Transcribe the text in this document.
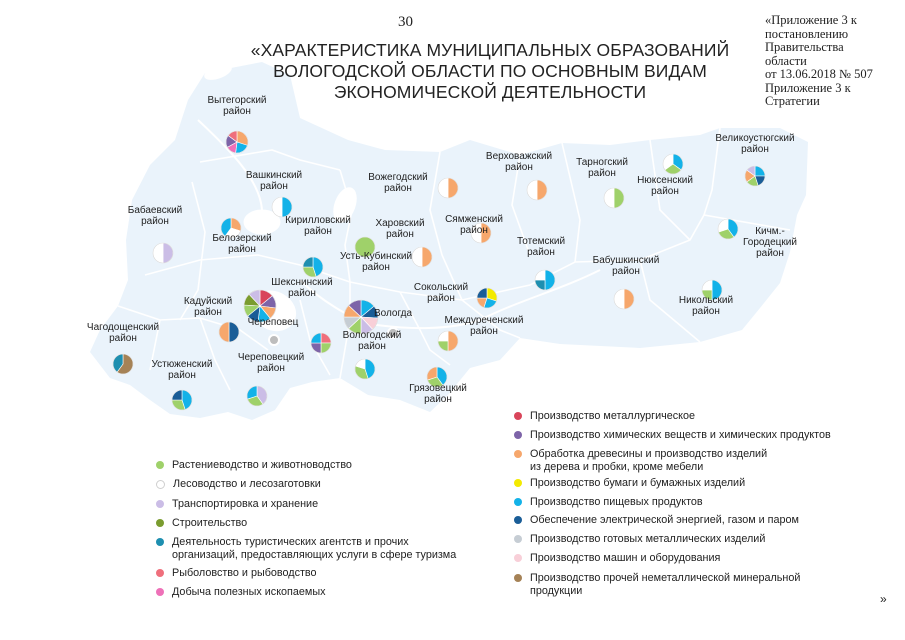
Вытегорский район
Вашкинский район
Бабаевский район
Белозерский район
Кирилловский район
Вожегодский район
Верховажский район	Тарногский район
Нюксенский район
Великоустюгский район
Харовский район
Усть-Кубинский район
Сямженский район
Тотемский район
Кичм.-Городецкий район
Бабушкинский район
Кадуйский район
Шекснинский район
Сокольский район
Междуреченский район
Никольский район
Чагодощенский район
Устюженский район
Череповецкий район
Вологодский район
Грязовецкий район
Череповец
Вологда
30	«Приложение 3 к
постановлению
Правительства
области
от 13.06.2018 № 507
Приложение 3 к
Стратегии
«ХАРАКТЕРИСТИКА МУНИЦИПАЛЬНЫХ ОБРАЗОВАНИЙ
ВОЛОГОДСКОЙ ОБЛАСТИ ПО ОСНОВНЫМ ВИДАМ
ЭКОНОМИЧЕСКОЙ ДЕЯТЕЛЬНОСТИ
Растениеводство и животноводство
Лесоводство и лесозаготовки
Транспортировка и хранение
Строительство
Деятельность туристических агентств и прочих
организаций, предоставляющих услуги в сфере туризма
Рыболовство и рыбоводство
Добыча полезных ископаемых
Производство металлургическое
Производство химических веществ и химических продуктов
Обработка древесины и производство изделий
из дерева и пробки, кроме мебели
Производство бумаги и бумажных изделий
Производство пищевых продуктов
Обеспечение электрической энергией, газом и паром
Производство готовых металлических изделий
Производство машин и оборудования
Производство прочей неметаллической минеральной
продукции
»
